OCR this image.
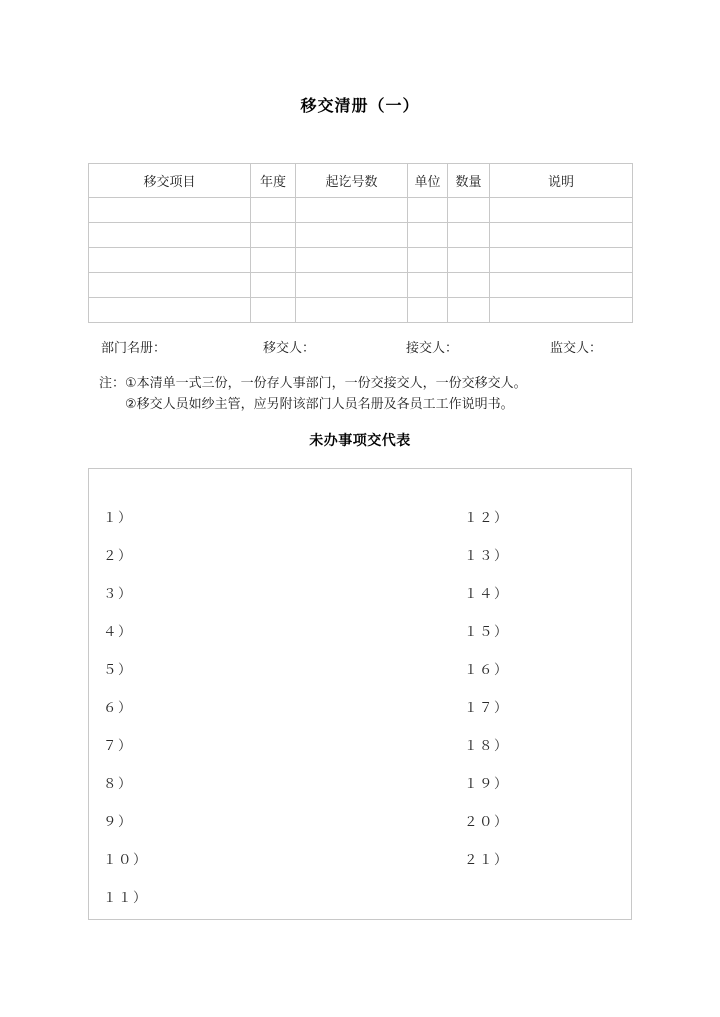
移交清册（一）
移交项目	年度	起讫号数	单位	数量	说明

部门名册：	移交人：	接交人：	监交人：
注：①本清单一式三份，一份存人事部门，一份交接交人，一份交移交人。
②移交人员如纱主管，应另附该部门人员名册及各员工工作说明书。
未办事项交代表
１）
２）
３）
４）
５）
６）
７）
８）
９）
１０）
１１）
１２）
１３）
１４）
１５）
１６）
１７）
１８）
１９）
２０）
２１）
